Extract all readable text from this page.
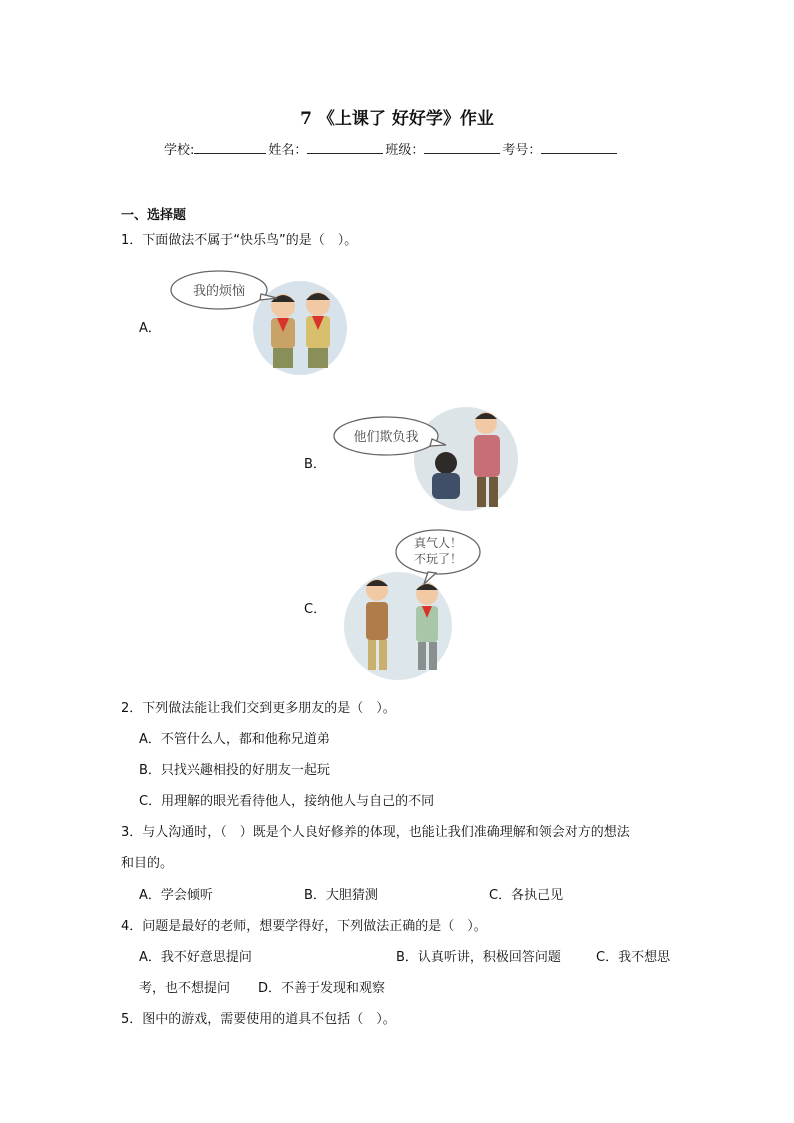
7 《上课了 好好学》作业
学校:	姓名：	班级：	考号：
一、选择题
1．下面做法不属于“快乐鸟”的是（　）。
A．
我的烦恼
B．
他们欺负我
C．
真气人！
不玩了！
2．下列做法能让我们交到更多朋友的是（　）。
A．不管什么人，都和他称兄道弟
B．只找兴趣相投的好朋友一起玩
C．用理解的眼光看待他人，接纳他人与自己的不同
3．与人沟通时，（　）既是个人良好修养的体现，也能让我们准确理解和领会对方的想法
和目的。
A．学会倾听	B．大胆猜测	C．各执己见
4．问题是最好的老师，想要学得好，下列做法正确的是（　）。
A．我不好意思提问	B．认真听讲，积极回答问题	C．我不想思
考，也不想提问 D．不善于发现和观察
5．图中的游戏，需要使用的道具不包括（　）。
